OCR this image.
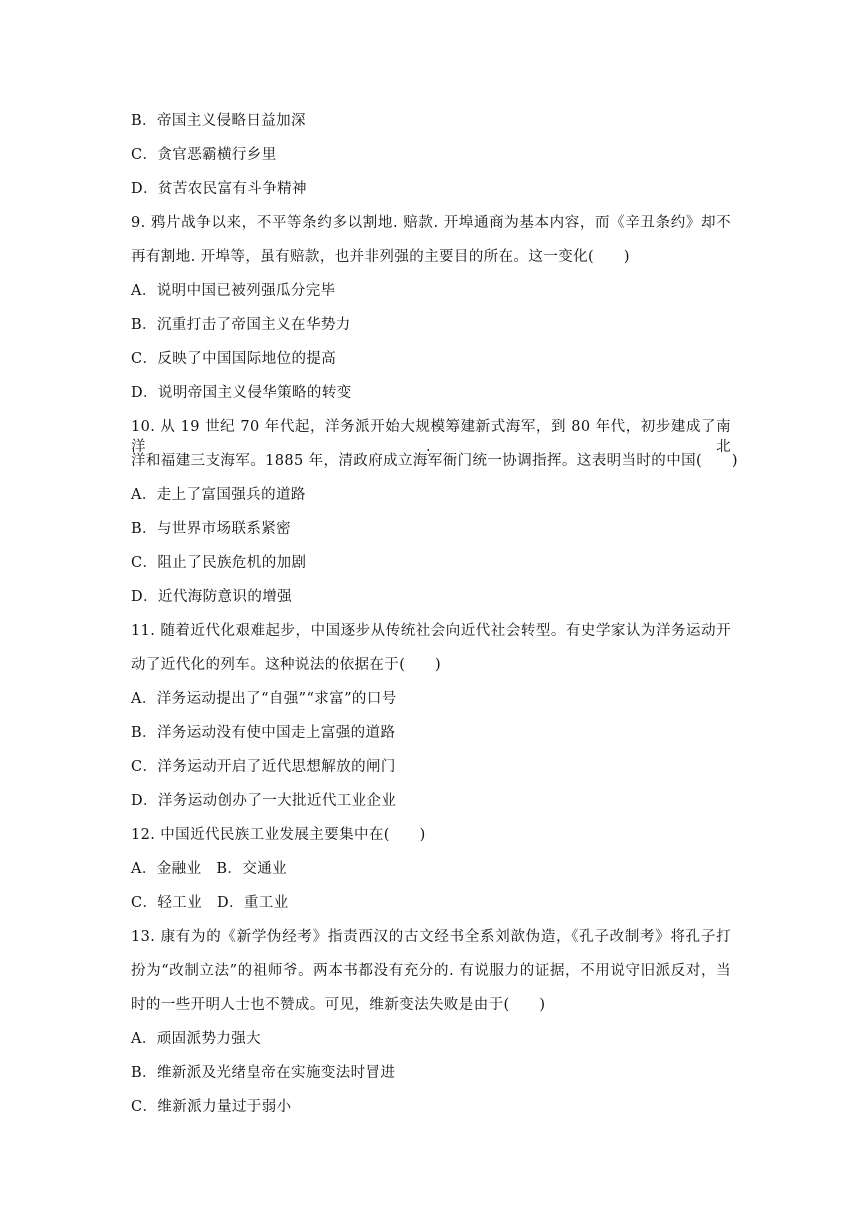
B．帝国主义侵略日益加深
C．贪官恶霸横行乡里
D．贫苦农民富有斗争精神
9. 鸦片战争以来，不平等条约多以割地. 赔款. 开埠通商为基本内容，而《辛丑条约》却不
再有割地. 开埠等，虽有赔款，也并非列强的主要目的所在。这一变化(　　)
A．说明中国已被列强瓜分完毕
B．沉重打击了帝国主义在华势力
C．反映了中国国际地位的提高
D．说明帝国主义侵华策略的转变
10. 从 19 世纪 70 年代起，洋务派开始大规模筹建新式海军，到 80 年代，初步建成了南洋. 北
洋和福建三支海军。1885 年，清政府成立海军衙门统一协调指挥。这表明当时的中国(　　)
A．走上了富国强兵的道路
B．与世界市场联系紧密
C．阻止了民族危机的加剧
D．近代海防意识的增强
11. 随着近代化艰难起步，中国逐步从传统社会向近代社会转型。有史学家认为洋务运动开
动了近代化的列车。这种说法的依据在于(　　)
A．洋务运动提出了“自强”“求富”的口号
B．洋务运动没有使中国走上富强的道路
C．洋务运动开启了近代思想解放的闸门
D．洋务运动创办了一大批近代工业企业
12. 中国近代民族工业发展主要集中在(　　)
A．金融业　B．交通业
C．轻工业　D．重工业
13. 康有为的《新学伪经考》指责西汉的古文经书全系刘歆伪造，《孔子改制考》将孔子打
扮为“改制立法”的祖师爷。两本书都没有充分的. 有说服力的证据，不用说守旧派反对，当
时的一些开明人士也不赞成。可见，维新变法失败是由于(　　)
A．顽固派势力强大
B．维新派及光绪皇帝在实施变法时冒进
C．维新派力量过于弱小
